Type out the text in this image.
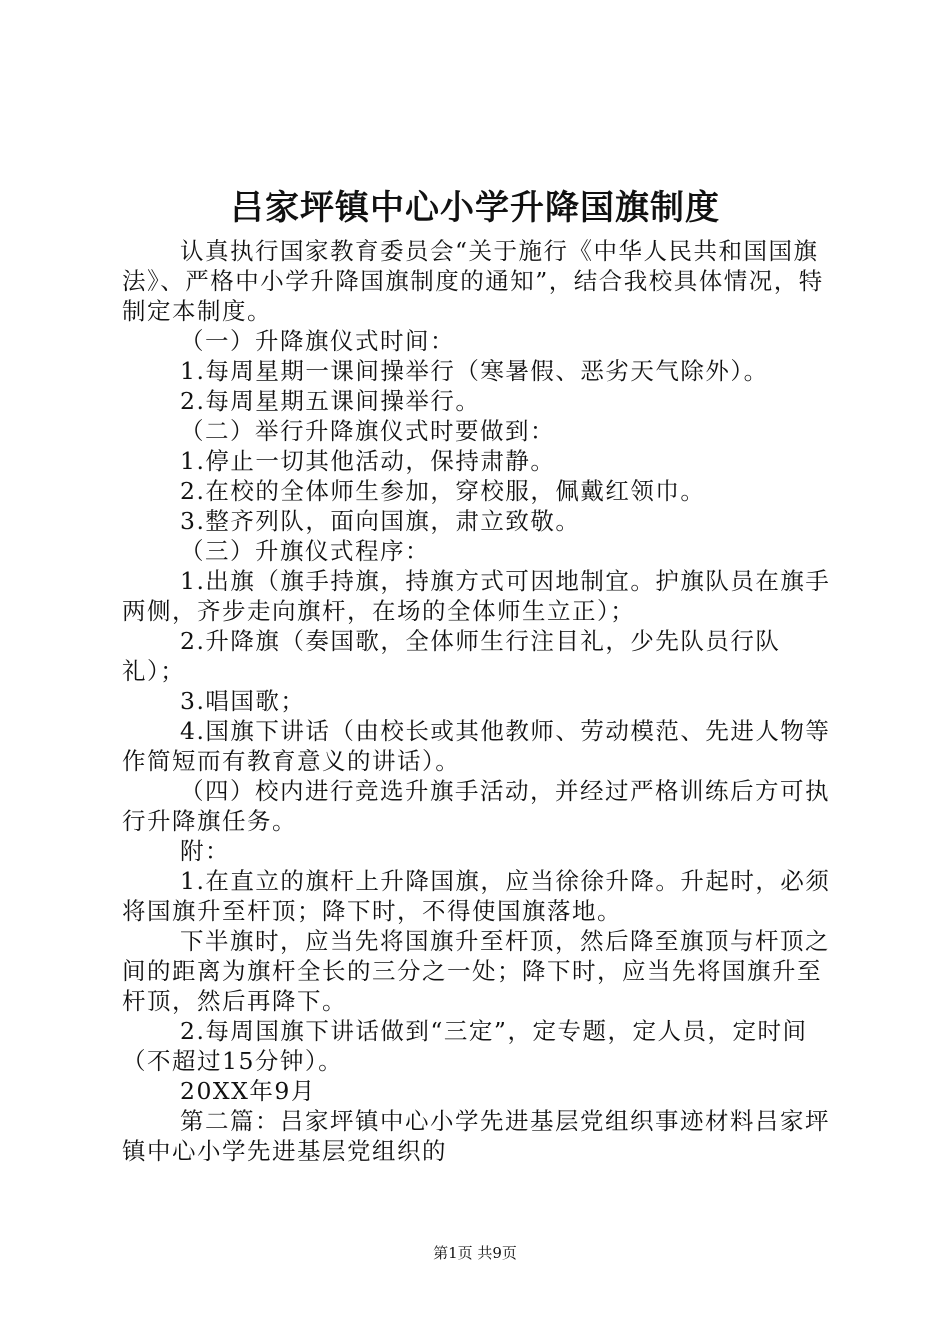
吕家坪镇中心小学升降国旗制度

认真执行国家教育委员会“关于施行《中华人民共和国国旗法》、严格中小学升降国旗制度的通知”，结合我校具体情况，特制定本制度。

（一）升降旗仪式时间：

1.每周星期一课间操举行（寒暑假、恶劣天气除外）。

2.每周星期五课间操举行。

（二）举行升降旗仪式时要做到：

1.停止一切其他活动，保持肃静。

2.在校的全体师生参加，穿校服，佩戴红领巾。

3.整齐列队，面向国旗，肃立致敬。

（三）升旗仪式程序：

1.出旗（旗手持旗，持旗方式可因地制宜。护旗队员在旗手两侧，齐步走向旗杆，在场的全体师生立正）；

2.升降旗（奏国歌，全体师生行注目礼，少先队员行队礼）；

3.唱国歌；

4.国旗下讲话（由校长或其他教师、劳动模范、先进人物等作简短而有教育意义的讲话）。

（四）校内进行竞选升旗手活动，并经过严格训练后方可执行升降旗任务。

附：

1.在直立的旗杆上升降国旗，应当徐徐升降。升起时，必须将国旗升至杆顶；降下时，不得使国旗落地。

下半旗时，应当先将国旗升至杆顶，然后降至旗顶与杆顶之间的距离为旗杆全长的三分之一处；降下时，应当先将国旗升至杆顶，然后再降下。

2.每周国旗下讲话做到“三定”，定专题，定人员，定时间（不超过15分钟）。

20XX年9月

第二篇：吕家坪镇中心小学先进基层党组织事迹材料吕家坪镇中心小学先进基层党组织的

第1页 共9页
